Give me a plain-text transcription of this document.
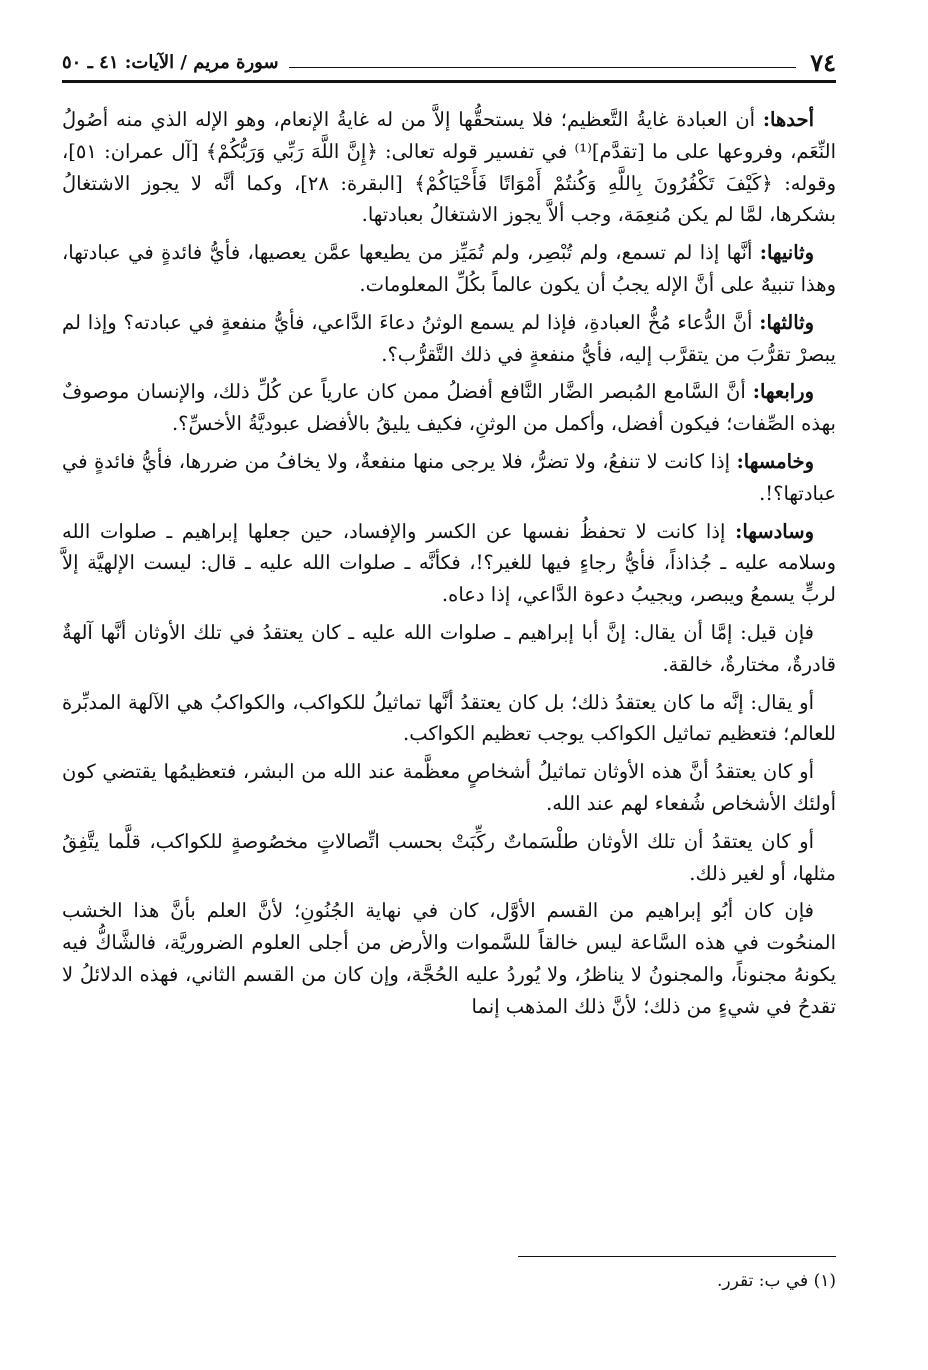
٧٤
سورة مريم / الآيات: ٤١ ـ ٥٠

أحدها: أن العبادة غايةُ التَّعظيم؛ فلا يستحقُّها إلاَّ من له غايةُ الإنعام، وهو الإله الذي منه أصُولُ النِّعَم، وفروعها على ما [تقدَّم]⁽¹⁾ في تفسير قوله تعالى: ﴿إِنَّ اللَّهَ رَبِّي وَرَبُّكُمْ﴾ [آل عمران: ٥١]، وقوله: ﴿كَيْفَ تَكْفُرُونَ بِاللَّهِ وَكُنتُمْ أَمْوَاتًا فَأَحْيَاكُمْ﴾ [البقرة: ٢٨]، وكما أنَّه لا يجوز الاشتغالُ بشكرها، لمَّا لم يكن مُنعِمَة، وجب ألاَّ يجوز الاشتغالُ بعبادتها.

وثانيها: أنَّها إذا لم تسمع، ولم تُبْصِر، ولم تُمَيِّز من يطيعها عمَّن يعصيها، فأيُّ فائدةٍ في عبادتها، وهذا تنبيهٌ على أنَّ الإله يجبُ أن يكون عالماً بكُلِّ المعلومات.

وثالثها: أنَّ الدُّعاء مُخُّ العبادةِ، فإذا لم يسمع الوثنُ دعاءَ الدَّاعي، فأيُّ منفعةٍ في عبادته؟ وإذا لم يبصرْ تقرُّبَ من يتقرَّب إليه، فأيُّ منفعةٍ في ذلك التَّقرُّب؟.

ورابعها: أنَّ السَّامع المُبصر الضَّار النَّافع أفضلُ ممن كان عارياً عن كُلِّ ذلك، والإنسان موصوفٌ بهذه الصِّفات؛ فيكون أفضل، وأكمل من الوثنِ، فكيف يليقُ بالأفضل عبوديَّةُ الأخسِّ؟.

وخامسها: إذا كانت لا تنفعُ، ولا تضرُّ، فلا يرجى منها منفعةٌ، ولا يخافُ من ضررها، فأيُّ فائدةٍ في عبادتها؟!.

وسادسها: إذا كانت لا تحفظُ نفسها عن الكسر والإفساد، حين جعلها إبراهيم ـ صلوات الله وسلامه عليه ـ جُذاذاً، فأيُّ رجاءٍ فيها للغير؟!، فكأنَّه ـ صلوات الله عليه ـ قال: ليست الإلهيَّة إلاَّ لربٍّ يسمعُ ويبصر، ويجيبُ دعوة الدَّاعي، إذا دعاه.

فإن قيل: إمَّا أن يقال: إنَّ أبا إبراهيم ـ صلوات الله عليه ـ كان يعتقدُ في تلك الأوثان أنَّها آلهةٌ قادرةٌ، مختارةٌ، خالقة.

أو يقال: إنَّه ما كان يعتقدُ ذلك؛ بل كان يعتقدُ أنَّها تماثيلُ للكواكب، والكواكبُ هي الآلهة المدبِّرة للعالم؛ فتعظيم تماثيل الكواكب يوجب تعظيم الكواكب.

أو كان يعتقدُ أنَّ هذه الأوثان تماثيلُ أشخاصٍ معظَّمة عند الله من البشر، فتعظيمُها يقتضي كون أولئك الأشخاص شُفعاء لهم عند الله.

أو كان يعتقدُ أن تلك الأوثان طلْسَماتٌ ركِّبَتْ بحسب اتِّصالاتٍ مخصُوصةٍ للكواكب، قلَّما يتَّفِقُ مثلها، أو لغير ذلك.

فإن كان أبُو إبراهيم من القسم الأوَّل، كان في نهاية الجُنُونِ؛ لأنَّ العلم بأنَّ هذا الخشب المنحُوت في هذه السَّاعة ليس خالقاً للسَّموات والأرض من أجلى العلوم الضروريَّة، فالشَّاكُّ فيه يكونهُ مجنوناً، والمجنونُ لا يناظرُ، ولا يُوردُ عليه الحُجَّة، وإن كان من القسم الثاني، فهذه الدلائلُ لا تقدحُ في شيءٍ من ذلك؛ لأنَّ ذلك المذهب إنما

(١) في ب: تقرر.
